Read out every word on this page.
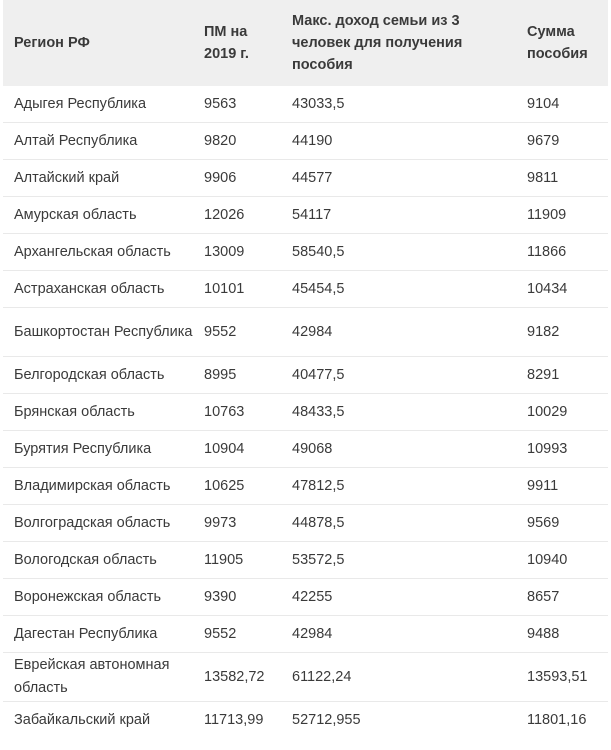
Регион РФ	ПМ на 2019 г.	Макс. доход семьи из 3 человек для получения пособия	Сумма пособия
Адыгея Республика	9563	43033,5	9104
Алтай Республика	9820	44190	9679
Алтайский край	9906	44577	9811
Амурская область	12026	54117	11909
Архангельская область	13009	58540,5	11866
Астраханская область	10101	45454,5	10434
Башкортостан Республика	9552	42984	9182
Белгородская область	8995	40477,5	8291
Брянская область	10763	48433,5	10029
Бурятия Республика	10904	49068	10993
Владимирская область	10625	47812,5	9911
Волгоградская область	9973	44878,5	9569
Вологодская область	11905	53572,5	10940
Воронежская область	9390	42255	8657
Дагестан Республика	9552	42984	9488
Еврейская автономная область	13582,72	61122,24	13593,51
Забайкальский край	11713,99	52712,955	11801,16
